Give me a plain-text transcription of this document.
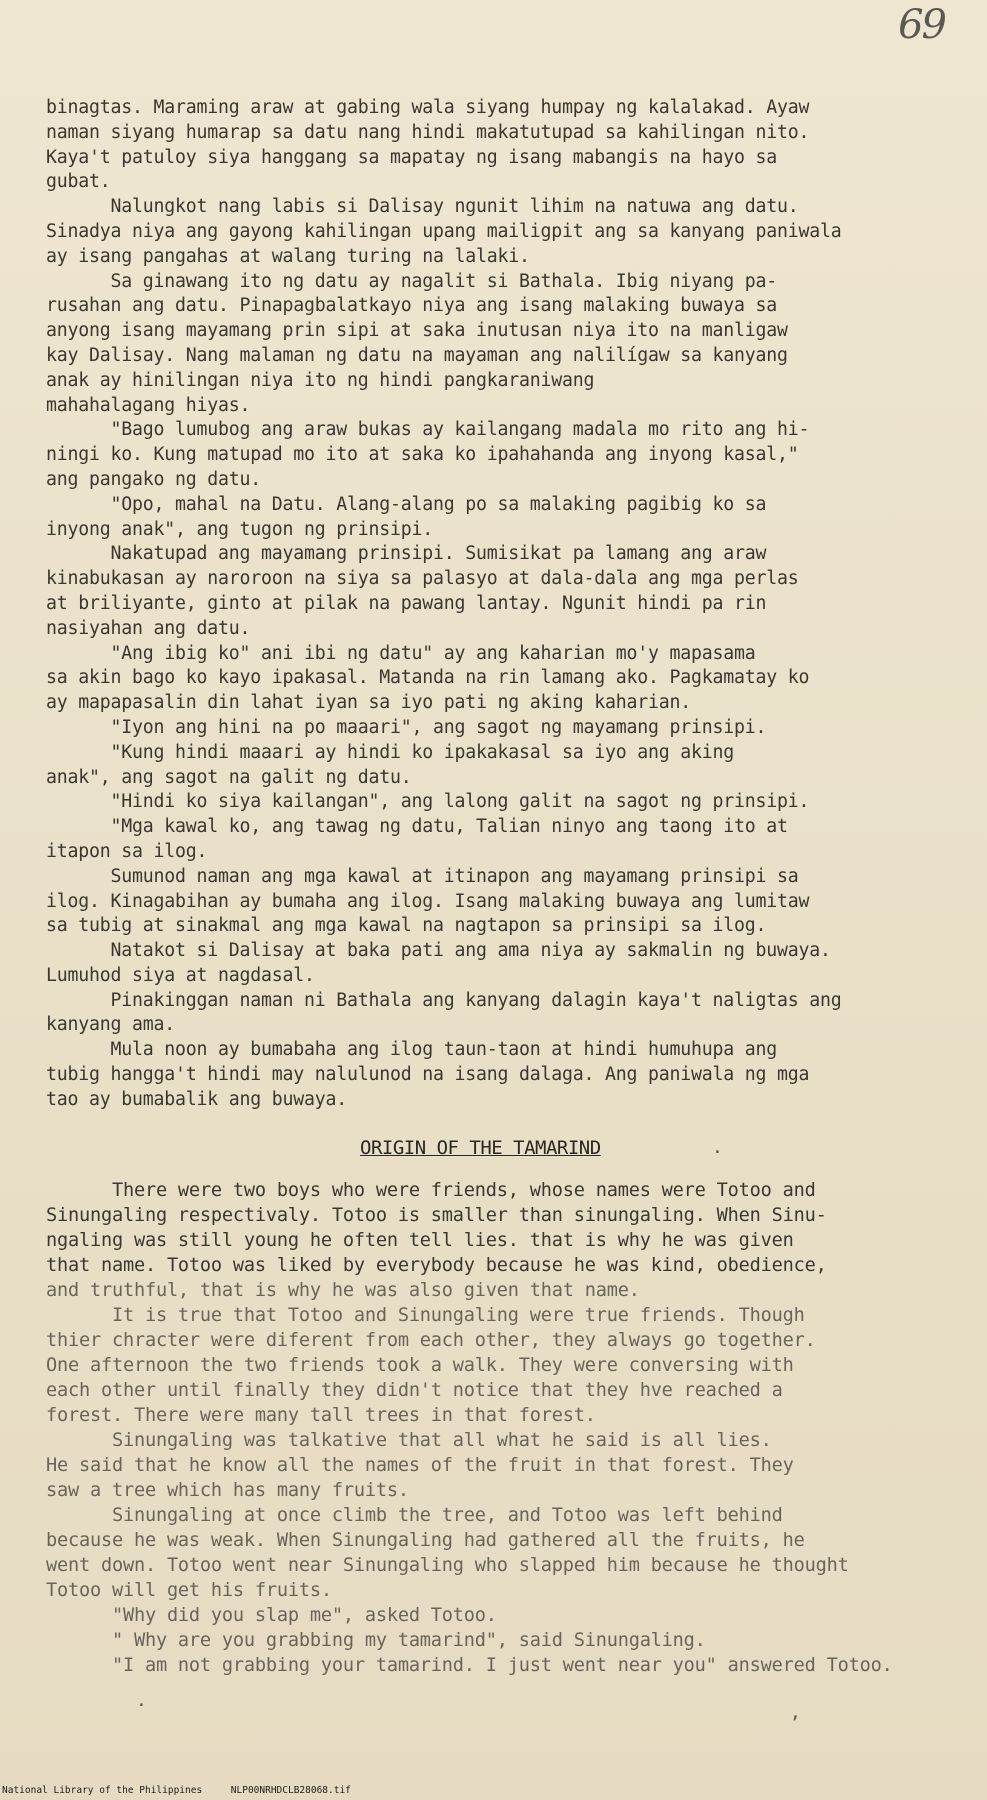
69
binagtas. Maraming araw at gabing wala siyang humpay ng kalalakad. Ayaw
naman siyang humarap sa datu nang hindi makatutupad sa kahilingan nito.
Kaya't patuloy siya hanggang sa mapatay ng isang mabangis na hayo sa
gubat.
Nalungkot nang labis si Dalisay ngunit lihim na natuwa ang datu.
Sinadya niya ang gayong kahilingan upang mailigpit ang sa kanyang paniwala
ay isang pangahas at walang turing na lalaki.
Sa ginawang ito ng datu ay nagalit si Bathala. Ibig niyang pa-
rusahan ang datu. Pinapagbalatkayo niya ang isang malaking buwaya sa
anyong isang mayamang prin sipi at saka inutusan niya ito na manligaw
kay Dalisay. Nang malaman ng datu na mayaman ang nalilígaw sa kanyang
anak ay hinilingan niya ito ng hindi pangkaraniwang
mahahalagang hiyas.
"Bago lumubog ang araw bukas ay kailangang madala mo rito ang hi-
ningi ko. Kung matupad mo ito at saka ko ipahahanda ang inyong kasal,"
ang pangako ng datu.
"Opo, mahal na Datu. Alang-alang po sa malaking pagibig ko sa
inyong anak", ang tugon ng prinsipi.
Nakatupad ang mayamang prinsipi. Sumisikat pa lamang ang araw
kinabukasan ay naroroon na siya sa palasyo at dala-dala ang mga perlas
at briliyante, ginto at pilak na pawang lantay. Ngunit hindi pa rin
nasiyahan ang datu.
"Ang ibig ko" ani ibi ng datu" ay ang kaharian mo'y mapasama
sa akin bago ko kayo ipakasal. Matanda na rin lamang ako. Pagkamatay ko
ay mapapasalin din lahat iyan sa iyo pati ng aking kaharian.
"Iyon ang hini na po maaari", ang sagot ng mayamang prinsipi.
"Kung hindi maaari ay hindi ko ipakakasal sa iyo ang aking
anak", ang sagot na galit ng datu.
"Hindi ko siya kailangan", ang lalong galit na sagot ng prinsipi.
"Mga kawal ko, ang tawag ng datu, Talian ninyo ang taong ito at
itapon sa ilog.
Sumunod naman ang mga kawal at itinapon ang mayamang prinsipi sa
ilog. Kinagabihan ay bumaha ang ilog. Isang malaking buwaya ang lumitaw
sa tubig at sinakmal ang mga kawal na nagtapon sa prinsipi sa ilog.
Natakot si Dalisay at baka pati ang ama niya ay sakmalin ng buwaya.
Lumuhod siya at nagdasal.
Pinakinggan naman ni Bathala ang kanyang dalagin kaya't naligtas ang
kanyang ama.
Mula noon ay bumabaha ang ilog taun-taon at hindi humuhupa ang
tubig hangga't hindi may nalulunod na isang dalaga. Ang paniwala ng mga
tao ay bumabalik ang buwaya.
ORIGIN OF THE TAMARIND	.
There were two boys who were friends, whose names were Totoo and
Sinungaling respectivaly. Totoo is smaller than sinungaling. When Sinu-
ngaling was still young he often tell lies. that is why he was given
that name. Totoo was liked by everybody because he was kind, obedience,
and truthful, that is why he was also given that name.
It is true that Totoo and Sinungaling were true friends. Though
thier chracter were diferent from each other, they always go together.
One afternoon the two friends took a walk. They were conversing with
each other until finally they didn't notice that they hve reached a
forest. There were many tall trees in that forest.
Sinungaling was talkative that all what he said is all lies.
He said that he know all the names of the fruit in that forest. They
saw a tree which has many fruits.
Sinungaling at once climb the tree, and Totoo was left behind
because he was weak. When Sinungaling had gathered all the fruits, he
went down. Totoo went near Sinungaling who slapped him because he thought
Totoo will get his fruits.
"Why did you slap me", asked Totoo.
" Why are you grabbing my tamarind", said Sinungaling.
"I am not grabbing your tamarind. I just went near you" answered Totoo.
.
,
National Library of the Philippines     NLP00NRHDCLB28068.tif
